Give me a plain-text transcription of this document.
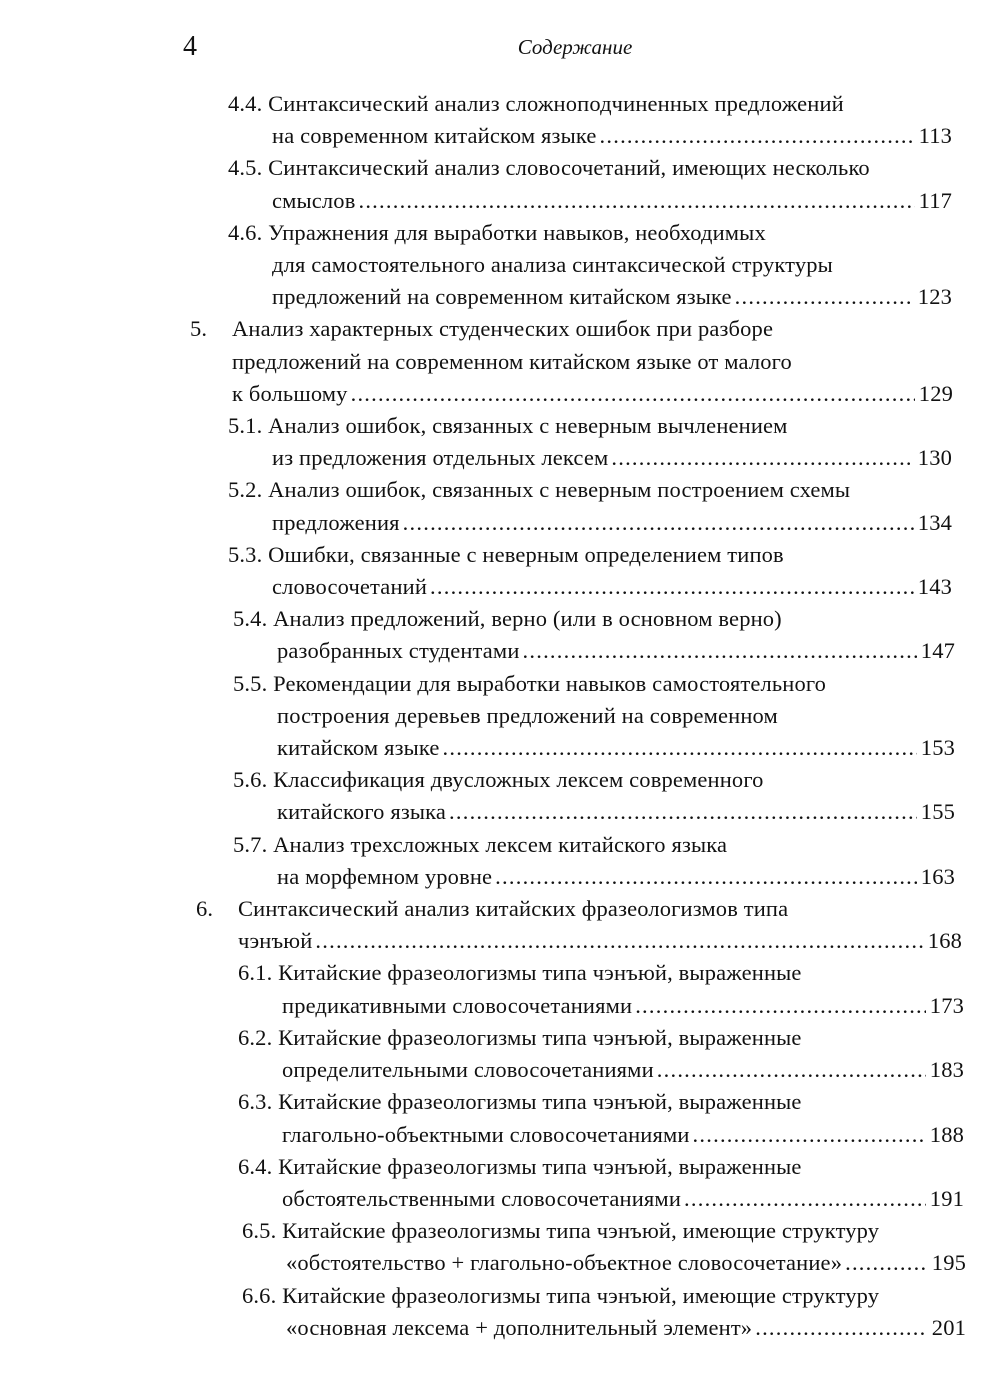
4	Содержание
4.4. Синтаксический анализ сложноподчиненных предложений
на современном китайском языке . . .	113
4.5. Синтаксический анализ словосочетаний, имеющих несколько
смыслов . . .	117
4.6. Упражнения для выработки навыков, необходимых
для самостоятельного анализа синтаксической структуры
предложений на современном китайском языке . . .	123
5. Анализ характерных студенческих ошибок при разборе
предложений на современном китайском языке от малого
к большому . . .	129
5.1. Анализ ошибок, связанных с неверным вычленением
из предложения отдельных лексем . . .	130
5.2. Анализ ошибок, связанных с неверным построением схемы
предложения . . .	134
5.3. Ошибки, связанные с неверным определением типов
словосочетаний . . .	143
5.4. Анализ предложений, верно (или в основном верно)
разобранных студентами . . .	147
5.5. Рекомендации для выработки навыков самостоятельного
построения деревьев предложений на современном
китайском языке . . .	153
5.6. Классификация двусложных лексем современного
китайского языка . . .	155
5.7. Анализ трехсложных лексем китайского языка
на морфемном уровне . . .	163
6. Синтаксический анализ китайских фразеологизмов типа
чэнъюй . . .	168
6.1. Китайские фразеологизмы типа чэнъюй, выраженные
предикативными словосочетаниями . . .	173
6.2. Китайские фразеологизмы типа чэнъюй, выраженные
определительными словосочетаниями . . .	183
6.3. Китайские фразеологизмы типа чэнъюй, выраженные
глагольно-объектными словосочетаниями . . .	188
6.4. Китайские фразеологизмы типа чэнъюй, выраженные
обстоятельственными словосочетаниями . . .	191
6.5. Китайские фразеологизмы типа чэнъюй, имеющие структуру
«обстоятельство + глагольно-объектное словосочетание» . . .	195
6.6. Китайские фразеологизмы типа чэнъюй, имеющие структуру
«основная лексема + дополнительный элемент» . . .	201
